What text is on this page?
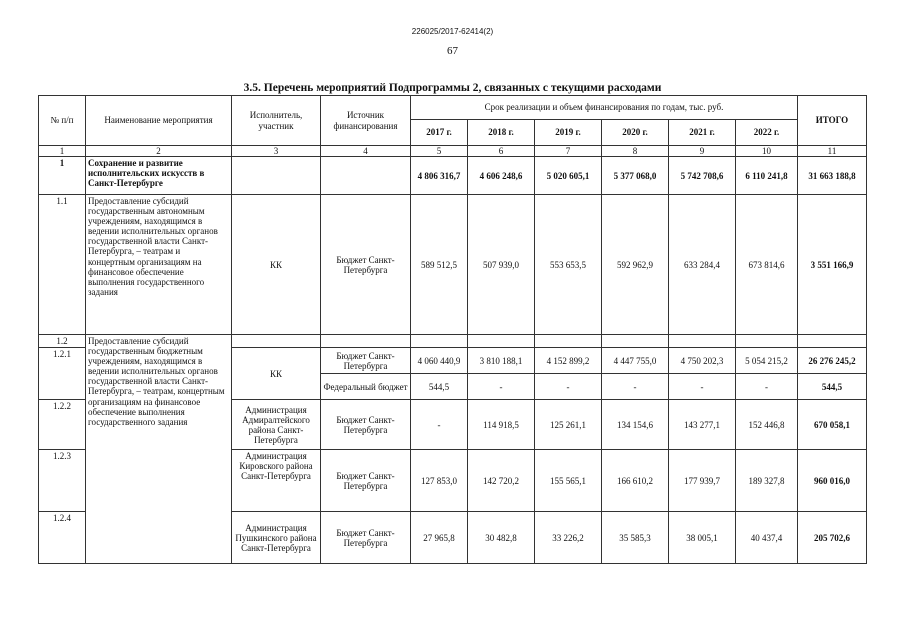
226025/2017-62414(2)
67
3.5. Перечень мероприятий Подпрограммы 2, связанных с текущими расходами
№ п/п	Наименование мероприятия	Исполнитель, участник	Источник финансирования	Срок реализации и объем финансирования по годам, тыс. руб.						ИТОГО
				2017 г.	2018 г.	2019 г.	2020 г.	2021 г.	2022 г.	
1	2	3	4	5	6	7	8	9	10	11
1	Сохранение и развитие исполнительских искусств в Санкт-Петербурге			4 806 316,7	4 606 248,6	5 020 605,1	5 377 068,0	5 742 708,6	6 110 241,8	31 663 188,8
1.1	Предоставление субсидий государственным автономным учреждениям, находящимся в ведении исполнительных органов государственной власти Санкт-Петербурга, – театрам и концертным организациям на финансовое обеспечение выполнения государственного задания	КК	Бюджет Санкт-Петербурга	589 512,5	507 939,0	553 653,5	592 962,9	633 284,4	673 814,6	3 551 166,9
1.2	Предоставление субсидий государственным бюджетным учреждениям, находящимся в ведении исполнительных органов государственной власти Санкт-Петербурга, – театрам, концертным организациям на финансовое обеспечение выполнения государственного задания									
1.2.1		КК	Бюджет Санкт-Петербурга	4 060 440,9	3 810 188,1	4 152 899,2	4 447 755,0	4 750 202,3	5 054 215,2	26 276 245,2
			Федеральный бюджет	544,5	-	-	-	-	-	544,5
1.2.2		Администрация Адмиралтейского района Санкт-Петербурга	Бюджет Санкт-Петербурга	-	114 918,5	125 261,1	134 154,6	143 277,1	152 446,8	670 058,1
1.2.3		Администрация Кировского района Санкт-Петербурга	Бюджет Санкт-Петербурга	127 853,0	142 720,2	155 565,1	166 610,2	177 939,7	189 327,8	960 016,0
1.2.4		Администрация Пушкинского района Санкт-Петербурга	Бюджет Санкт-Петербурга	27 965,8	30 482,8	33 226,2	35 585,3	38 005,1	40 437,4	205 702,6
